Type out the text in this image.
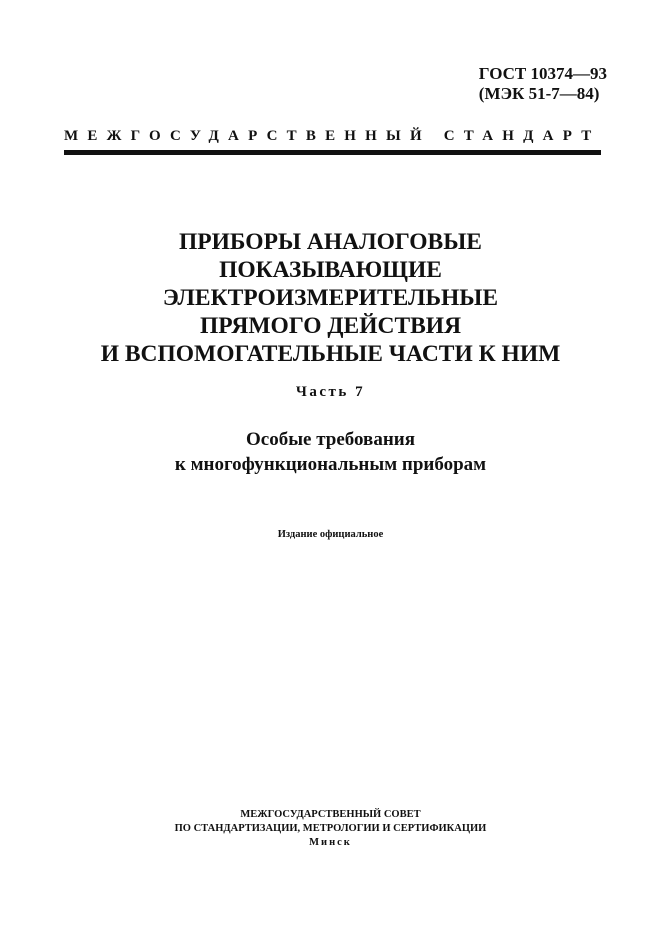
ГОСТ 10374—93
(МЭК 51-7—84)
МЕЖГОСУДАРСТВЕННЫЙ СТАНДАРТ
ПРИБОРЫ АНАЛОГОВЫЕ
ПОКАЗЫВАЮЩИЕ
ЭЛЕКТРОИЗМЕРИТЕЛЬНЫЕ
ПРЯМОГО ДЕЙСТВИЯ
И ВСПОМОГАТЕЛЬНЫЕ ЧАСТИ К НИМ
Часть 7
Особые требования
к многофункциональным приборам
Издание официальное
МЕЖГОСУДАРСТВЕННЫЙ СОВЕТ
ПО СТАНДАРТИЗАЦИИ, МЕТРОЛОГИИ И СЕРТИФИКАЦИИ
Минск
